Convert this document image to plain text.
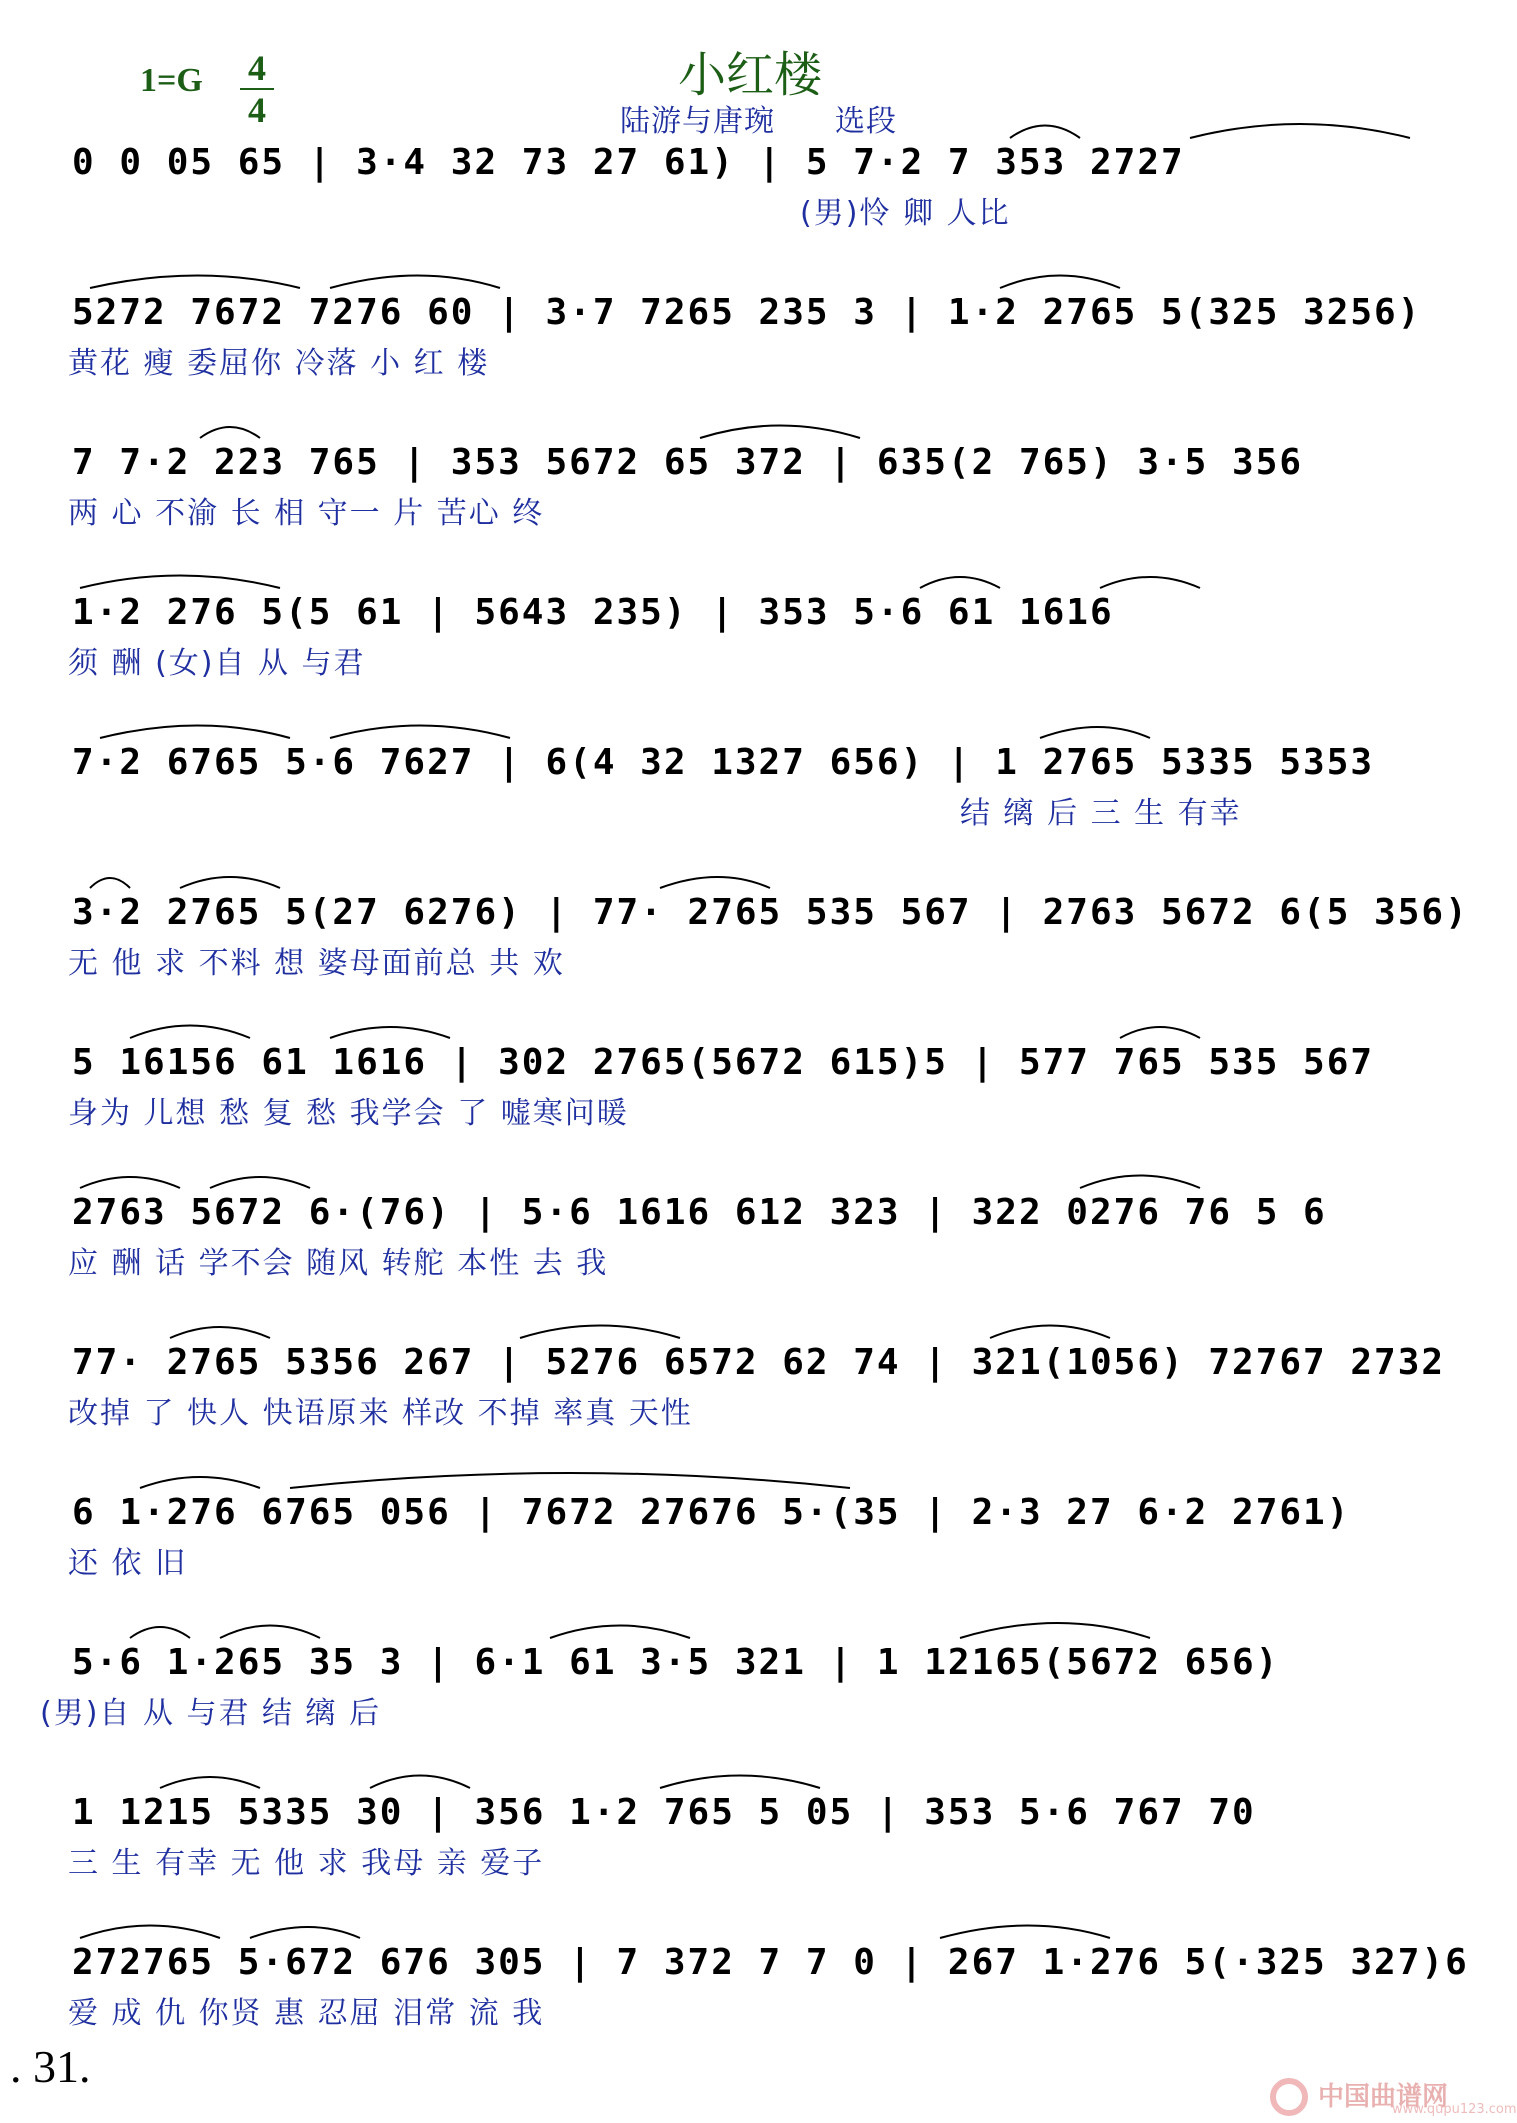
1=G 4
4
小红楼
陆游与唐琬 选段
0 0 05 65 | 3·4 32 73 27 61) | 5 7·2 7 353 2727
(男)怜 卿 人比
5272 7672 7276 60 | 3·7 7265 235 3 | 1·2 2765 5(325 3256)
黄花 瘦 委屈你 冷落 小 红 楼
7 7·2 223 765 | 353 5672 65 372 | 635(2 765) 3·5 356
两 心 不渝 长 相 守一 片 苦心 终
1·2 276 5(5 61 | 5643 235) | 353 5·6 61 1616
须 酬 (女)自 从 与君
7·2 6765 5·6 7627 | 6(4 32 1327 656) | 1 2765 5335 5353
结 缡 后 三 生 有幸
3·2 2765 5(27 6276) | 77· 2765 535 567 | 2763 5672 6(5 356)
无 他 求 不料 想 婆母面前总 共 欢
5 16156 61 1616 | 302 2765(5672 615)5 | 577 765 535 567
身为 儿想 愁 复 愁 我学会 了 嘘寒问暖
2763 5672 6·(76) | 5·6 1616 612 323 | 322 0276 76 5 6
应 酬 话 学不会 随风 转舵 本性 去 我
77· 2765 5356 267 | 5276 6572 62 74 | 321(1056) 72767 2732
改掉 了 快人 快语原来 样改 不掉 率真 天性
6 1·276 6765 056 | 7672 27676 5·(35 | 2·3 27 6·2 2761)
还 依 旧
5·6 1·265 35 3 | 6·1 61 3·5 321 | 1 12165(5672 656)
(男)自 从 与君 结 缡 后
1 1215 5335 30 | 356 1·2 765 5 05 | 353 5·6 767 70
三 生 有幸 无 他 求 我母 亲 爱子
272765 5·672 676 305 | 7 372 7 7 0 | 267 1·276 5(·325 327)6
爱 成 仇 你贤 惠 忍屈 泪常 流 我
. 31.
中国曲谱网
www.qupu123.com
